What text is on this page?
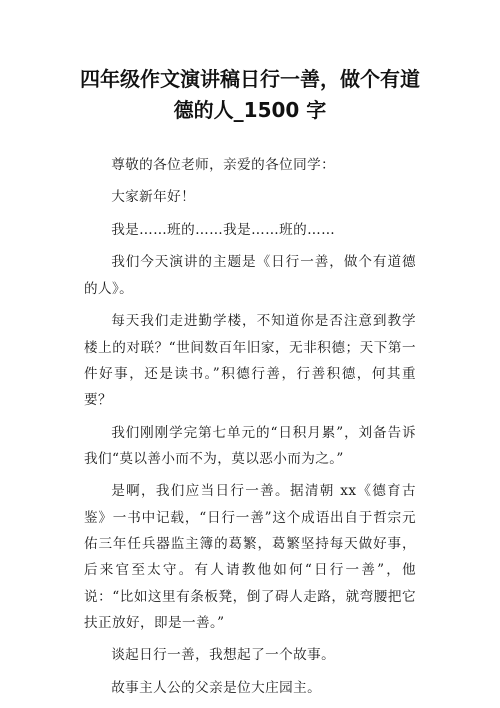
四年级作文演讲稿日行一善，做个有道
德的人_1500 字

尊敬的各位老师，亲爱的各位同学：

大家新年好！

我是……班的……我是……班的……

我们今天演讲的主题是《日行一善，做个有道德的人》。

每天我们走进勤学楼，不知道你是否注意到教学楼上的对联？“世间数百年旧家，无非积德；天下第一件好事，还是读书。”积德行善，行善积德，何其重要？

我们刚刚学完第七单元的“日积月累”，刘备告诉我们“莫以善小而不为，莫以恶小而为之。”

是啊，我们应当日行一善。据清朝 xx《德育古鉴》一书中记载，“日行一善”这个成语出自于哲宗元佑三年任兵器监主簿的葛繁，葛繁坚持每天做好事，后来官至太守。有人请教他如何“日行一善”，他说：“比如这里有条板凳，倒了碍人走路，就弯腰把它扶正放好，即是一善。”

谈起日行一善，我想起了一个故事。

故事主人公的父亲是位大庄园主。
